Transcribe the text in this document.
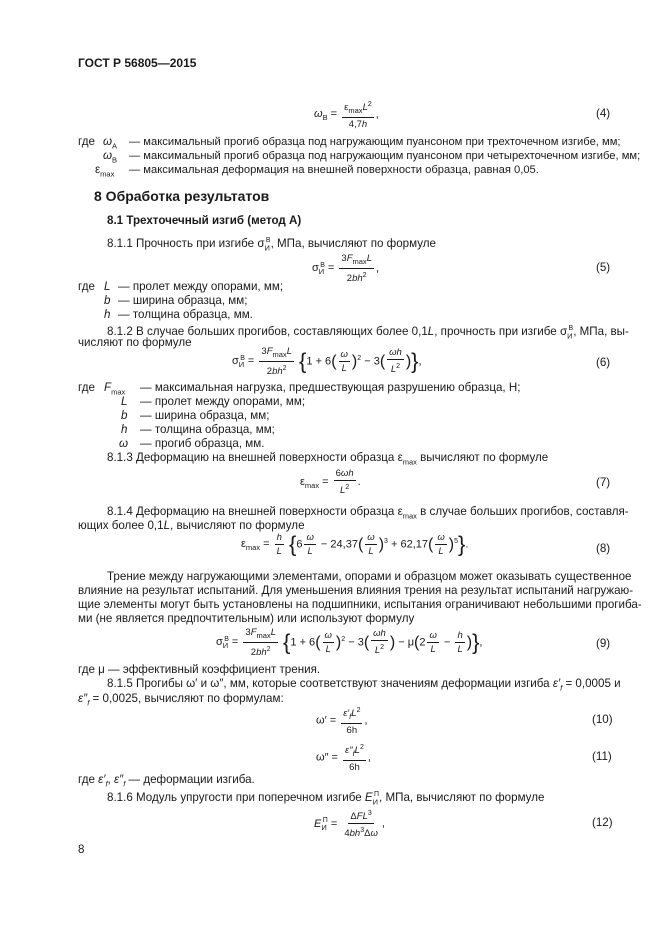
ГОСТ Р 56805—2015
$\omega_В = \frac{\varepsilon_{max}L^2}{4,7h}$ ,	(4)
где $\omega_А$ — максимальный прогиб образца под нагружающим пуансоном при трехточечном изгибе, мм;
$\omega_В$ — максимальный прогиб образца под нагружающим пуансоном при четырехточечном изгибе, мм;
$\varepsilon_{max}$ — максимальная деформация на внешней поверхности образца, равная 0,05.
8 Обработка результатов
8.1 Трехточечный изгиб (метод А)
8.1.1 Прочность при изгибе $\sigma_И^В$, МПа, вычисляют по формуле
$\sigma_И^В = \frac{3F_{max}L}{2bh^2}$ ,	(5)
где L — пролет между опорами, мм;
b — ширина образца, мм;
h — толщина образца, мм.
8.1.2 В случае больших прогибов, составляющих более 0,1L, прочность при изгибе $\sigma_И^В$, МПа, вы-
числяют по формуле
$\sigma_И^В = \frac{3F_{max}L}{2bh^2} \{1 + 6( \frac{\omega}{L} )^2 - 3( \frac{\omega h}{L^2}$ )},	(6)
где $F_{max}$ — максимальная нагрузка, предшествующая разрушению образца, Н;
L — пролет между опорами, мм;
b — ширина образца, мм;
h — толщина образца, мм;
ω — прогиб образца, мм.
8.1.3 Деформацию на внешней поверхности образца $\varepsilon_{max}$ вычисляют по формуле
$\varepsilon_{max} = \frac{6\omega h}{L^2}$ .	(7)
8.1.4 Деформацию на внешней поверхности образца $\varepsilon_{max}$ в случае больших прогибов, составля-
ющих более 0,1L, вычисляют по формуле
$\varepsilon_{max} = \frac{h}{L} \{6 \frac{\omega}{L} - 24,37( \frac{\omega}{L} )^3 + 62,17( \frac{\omega}{L} )^5\}$.	(8)
Трение между нагружающими элементами, опорами и образцом может оказывать существенное
влияние на результат испытаний. Для уменьшения влияния трения на результат испытаний нагружаю-
щие элементы могут быть установлены на подшипники, испытания ограничивают небольшими прогиба-
ми (не является предпочтительным) или используют формулу
$\sigma_И^В = \frac{3F_{max}L}{2bh^2} \{1 + 6( \frac{\omega}{L} )^2 - 3( \frac{\omega h}{L^2}$ ) − $\mu(2 \frac{\omega}{L} - \frac{h}{L}$ )},	(9)
где μ — эффективный коэффициент трения.
8.1.5 Прогибы ω′ и ω″, мм, которые соответствуют значениям деформации изгиба $\varepsilon'_f = 0,0005$ и
$\varepsilon''_f = 0,0025$, вычисляют по формулам:
$\omega' = \frac{\varepsilon'_fL^2}{6h}$ ,	(10)
$\omega'' = \frac{\varepsilon''_fL^2}{6h}$ ,	(11)
где $\varepsilon'_f$, $\varepsilon''_f$ — деформации изгиба.
8.1.6 Модуль упругости при поперечном изгибе $E_И^П$, МПа, вычисляют по формуле
$E_И^П = \frac{\Delta FL^3}{4bh^3\Delta\omega}$ ,	(12)
8
